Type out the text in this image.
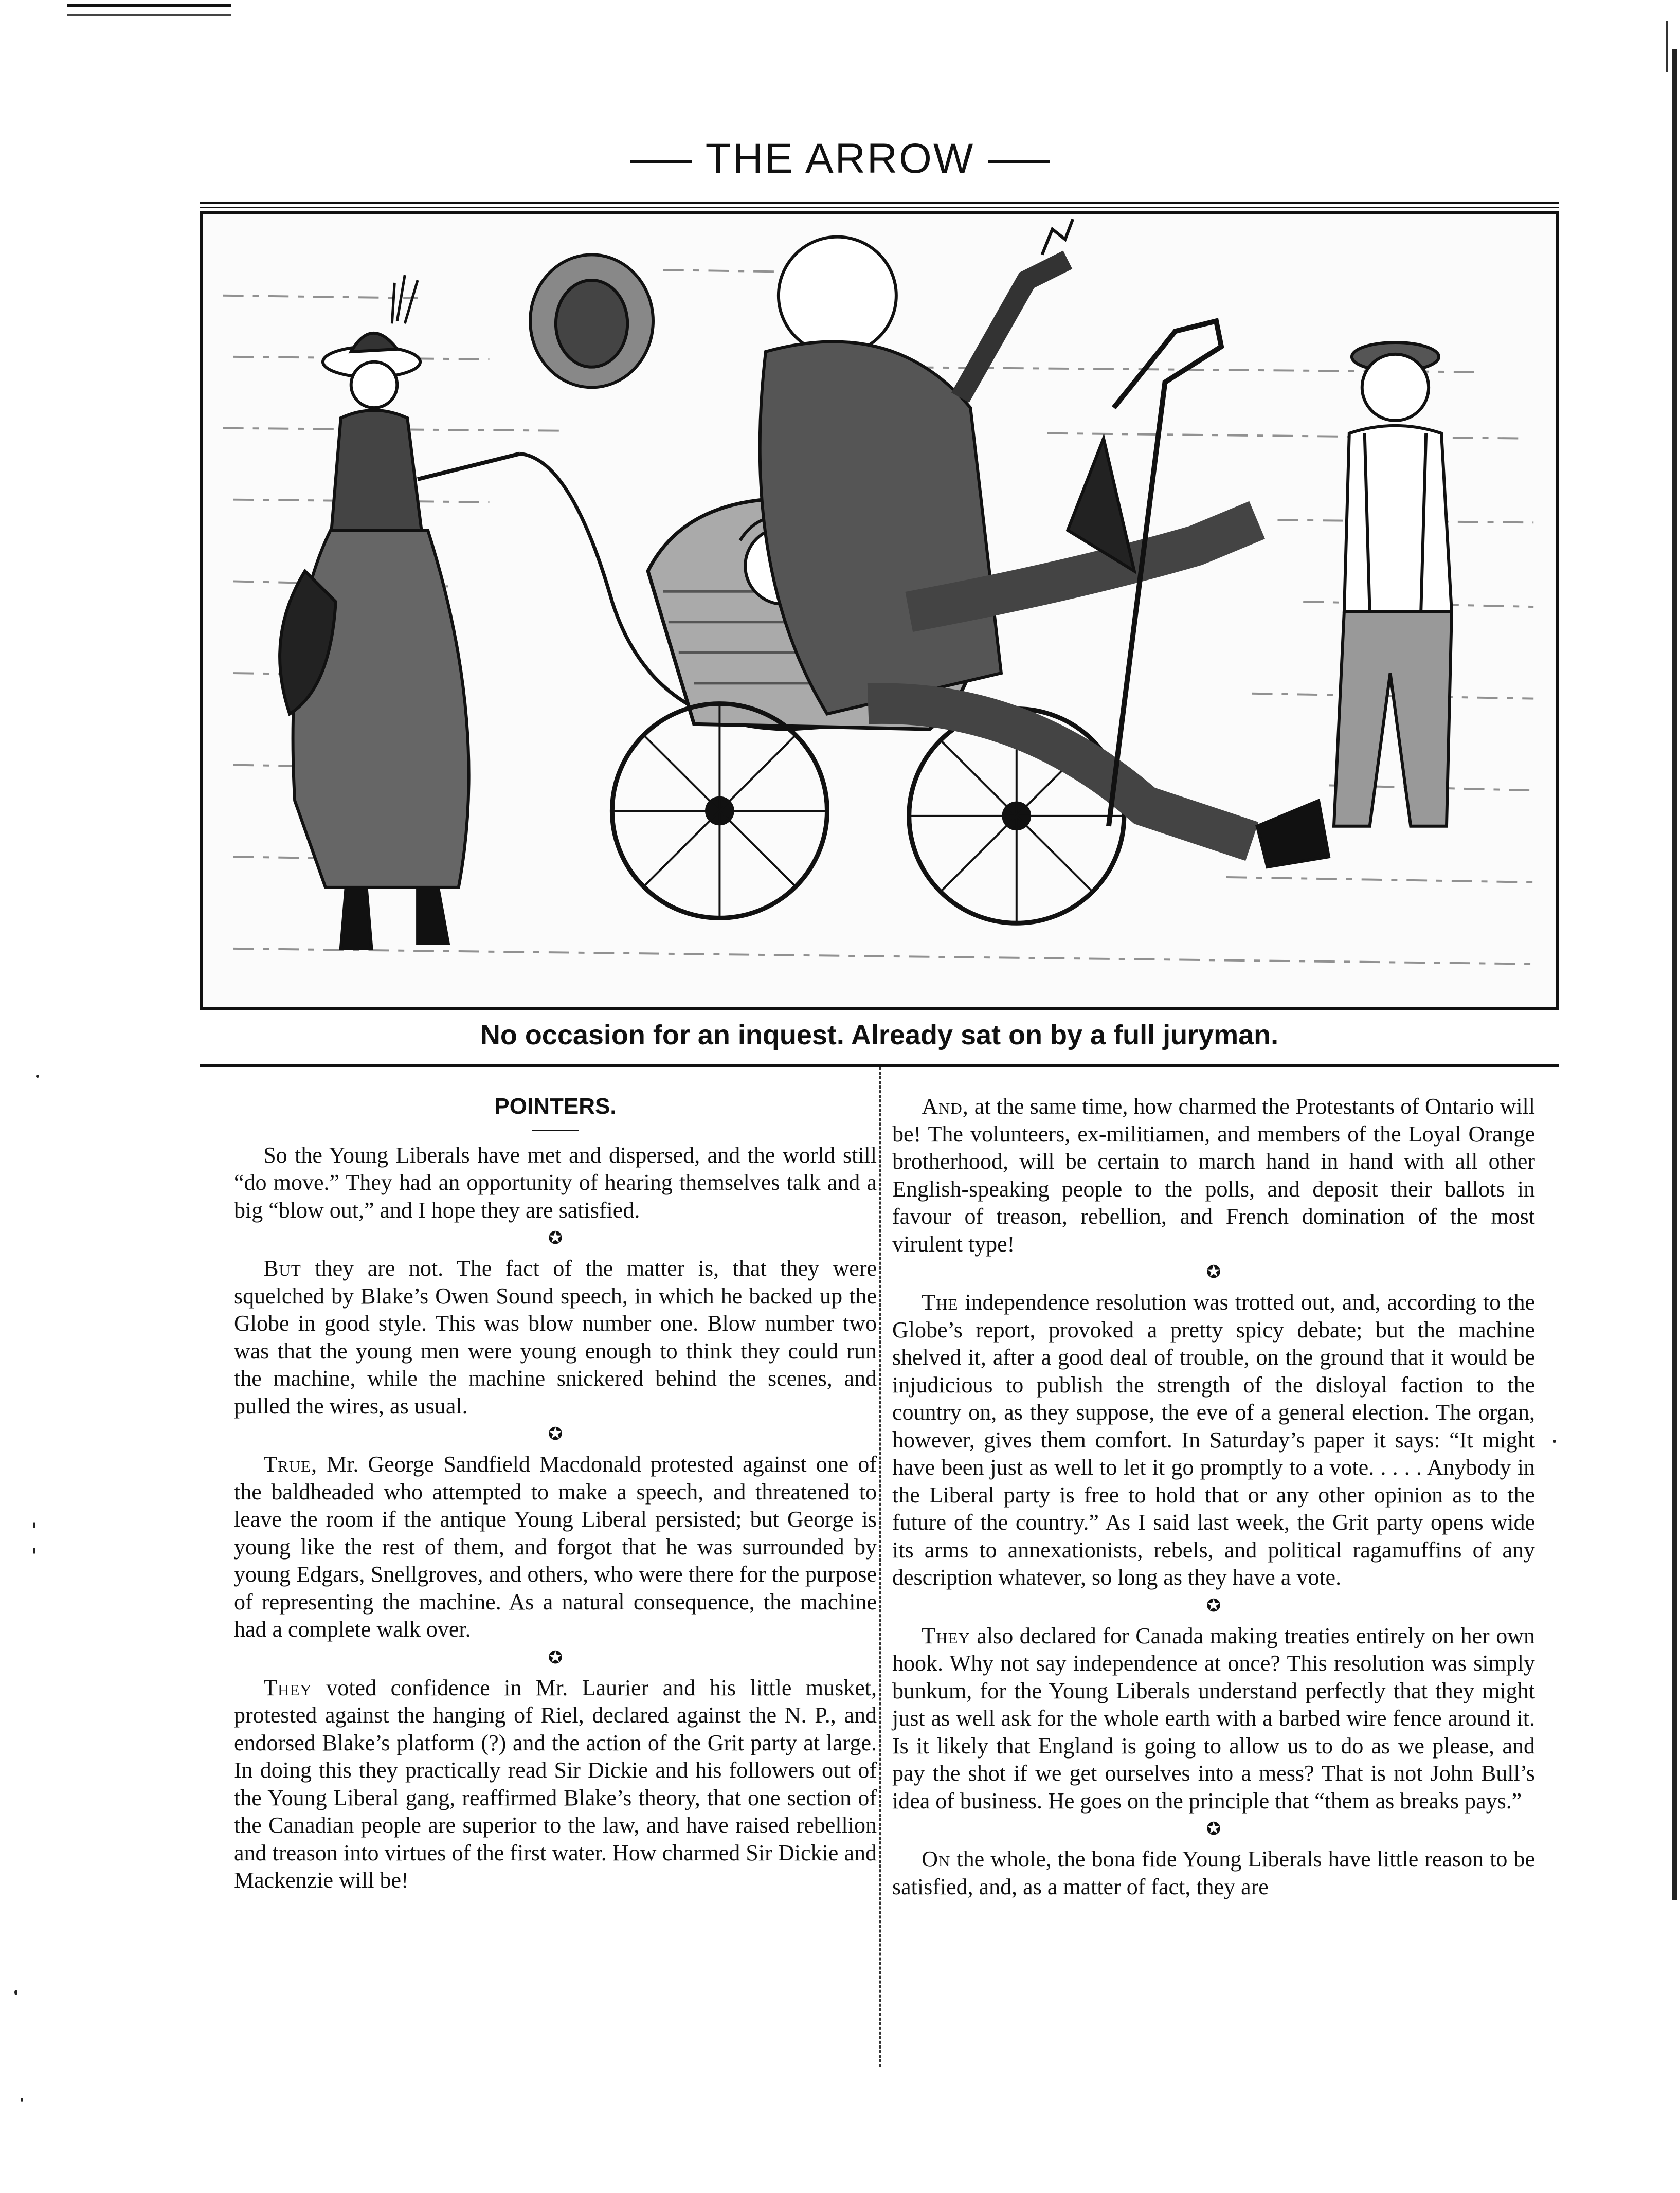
THE ARROW
No occasion for an inquest. Already sat on by a full juryman.
POINTERS.

So the Young Liberals have met and dispersed, and the world still “do move.” They had an opportunity of hearing themselves talk and a big “blow out,” and I hope they are satisfied.

✪

But they are not. The fact of the matter is, that they were squelched by Blake’s Owen Sound speech, in which he backed up the Globe in good style. This was blow number one. Blow number two was that the young men were young enough to think they could run the machine, while the machine snickered behind the scenes, and pulled the wires, as usual.

✪

True, Mr. George Sandfield Macdonald protested against one of the baldheaded who attempted to make a speech, and threatened to leave the room if the antique Young Liberal persisted; but George is young like the rest of them, and forgot that he was surrounded by young Edgars, Snellgroves, and others, who were there for the purpose of representing the machine. As a natural consequence, the machine had a complete walk over.

✪

They voted confidence in Mr. Laurier and his little musket, protested against the hanging of Riel, declared against the N. P., and endorsed Blake’s platform (?) and the action of the Grit party at large. In doing this they practically read Sir Dickie and his followers out of the Young Liberal gang, reaffirmed Blake’s theory, that one section of the Canadian people are superior to the law, and have raised rebellion and treason into virtues of the first water. How charmed Sir Dickie and Mackenzie will be!

And, at the same time, how charmed the Protestants of Ontario will be! The volunteers, ex-militiamen, and members of the Loyal Orange brotherhood, will be certain to march hand in hand with all other English-speaking people to the polls, and deposit their ballots in favour of treason, rebellion, and French domination of the most virulent type!

✪

The independence resolution was trotted out, and, according to the Globe’s report, provoked a pretty spicy debate; but the machine shelved it, after a good deal of trouble, on the ground that it would be injudicious to publish the strength of the disloyal faction to the country on, as they suppose, the eve of a general election. The organ, however, gives them comfort. In Saturday’s paper it says: “It might have been just as well to let it go promptly to a vote. . . . . Anybody in the Liberal party is free to hold that or any other opinion as to the future of the country.” As I said last week, the Grit party opens wide its arms to annexationists, rebels, and political ragamuffins of any description whatever, so long as they have a vote.

✪

They also declared for Canada making treaties entirely on her own hook. Why not say independence at once? This resolution was simply bunkum, for the Young Liberals understand perfectly that they might just as well ask for the whole earth with a barbed wire fence around it. Is it likely that England is going to allow us to do as we please, and pay the shot if we get ourselves into a mess? That is not John Bull’s idea of business. He goes on the principle that “them as breaks pays.”

✪

On the whole, the bona fide Young Liberals have little reason to be satisfied, and, as a matter of fact, they are
